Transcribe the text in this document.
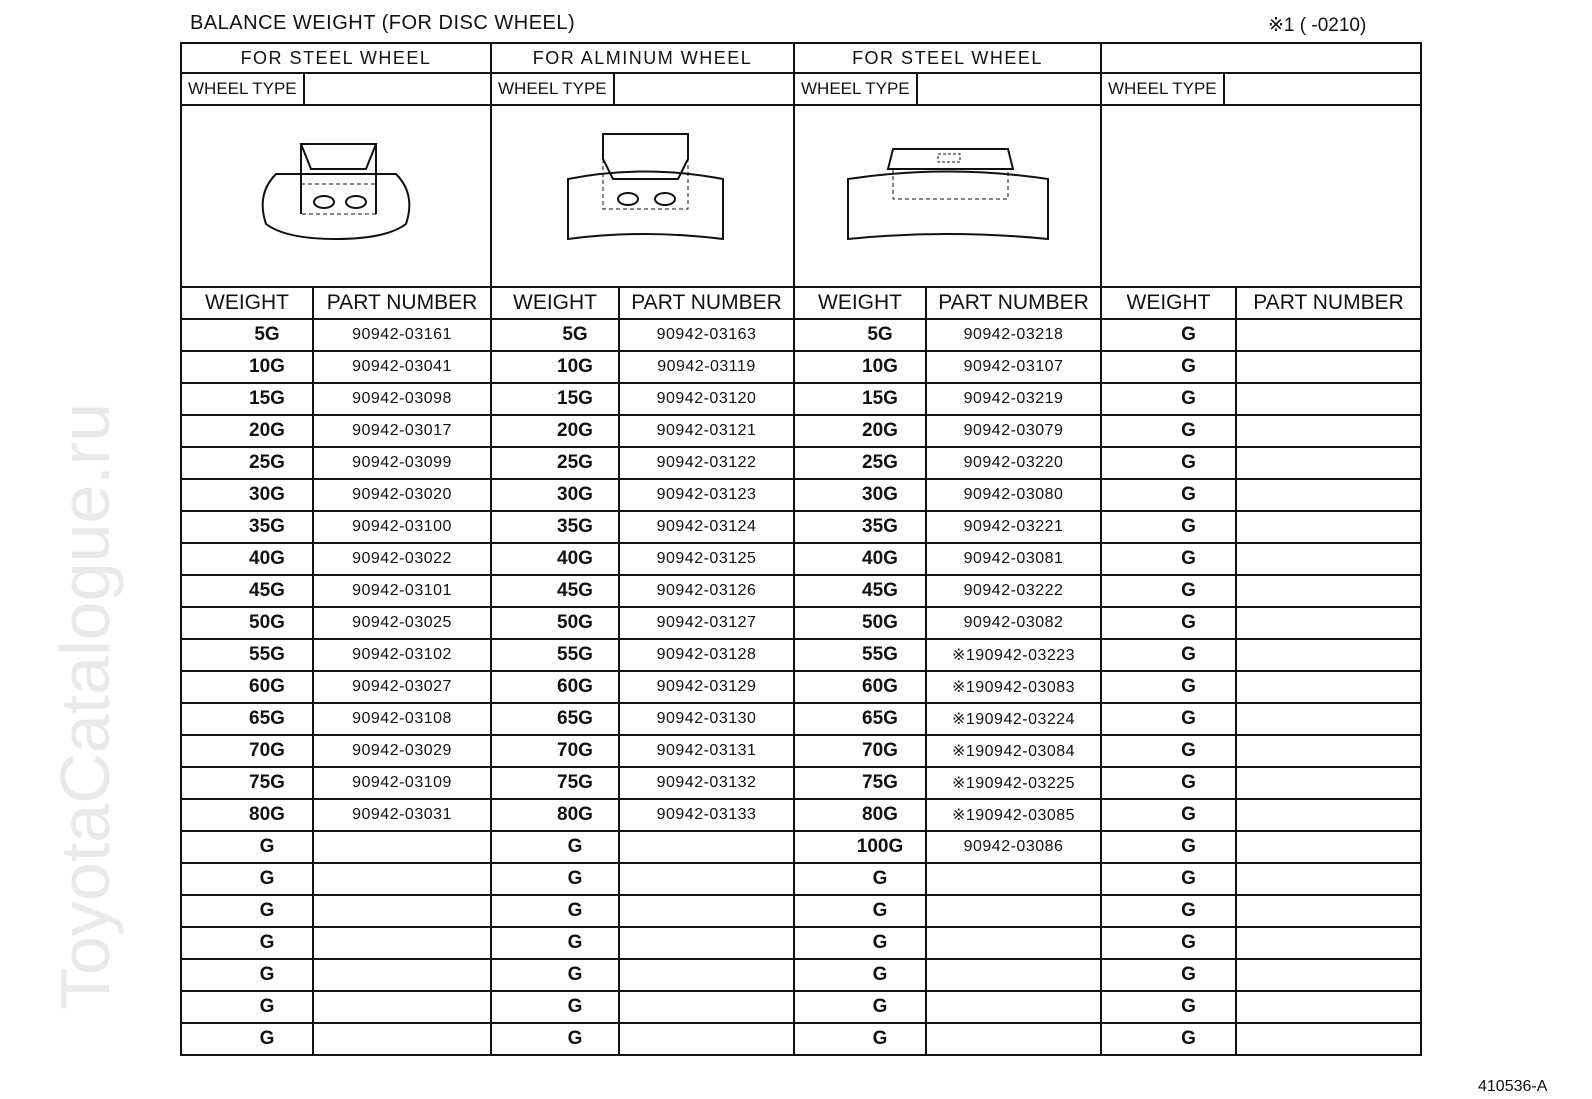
ToyotaCatalogue.ru
BALANCE WEIGHT (FOR DISC WHEEL)	※1 ( -0210)
410536-A
FOR STEEL WHEEL		FOR ALMINUM WHEEL		FOR STEEL WHEEL			

WHEEL TYPE		WHEEL TYPE		WHEEL TYPE		WHEEL TYPE	

WEIGHT	PART NUMBER	WEIGHT	PART NUMBER	WEIGHT	PART NUMBER	WEIGHT	PART NUMBER
5G	90942-03161	5G	90942-03163	5G	90942-03218	G	
10G	90942-03041	10G	90942-03119	10G	90942-03107	G	
15G	90942-03098	15G	90942-03120	15G	90942-03219	G	
20G	90942-03017	20G	90942-03121	20G	90942-03079	G	
25G	90942-03099	25G	90942-03122	25G	90942-03220	G	
30G	90942-03020	30G	90942-03123	30G	90942-03080	G	
35G	90942-03100	35G	90942-03124	35G	90942-03221	G	
40G	90942-03022	40G	90942-03125	40G	90942-03081	G	
45G	90942-03101	45G	90942-03126	45G	90942-03222	G	
50G	90942-03025	50G	90942-03127	50G	90942-03082	G	
55G	90942-03102	55G	90942-03128	55G	※190942-03223	G	
60G	90942-03027	60G	90942-03129	60G	※190942-03083	G	
65G	90942-03108	65G	90942-03130	65G	※190942-03224	G	
70G	90942-03029	70G	90942-03131	70G	※190942-03084	G	
75G	90942-03109	75G	90942-03132	75G	※190942-03225	G	
80G	90942-03031	80G	90942-03133	80G	※190942-03085	G	
G		G		100G	90942-03086	G	
G		G		G		G	
G		G		G		G	
G		G		G		G	
G		G		G		G	
G		G		G		G	
G		G		G		G	
